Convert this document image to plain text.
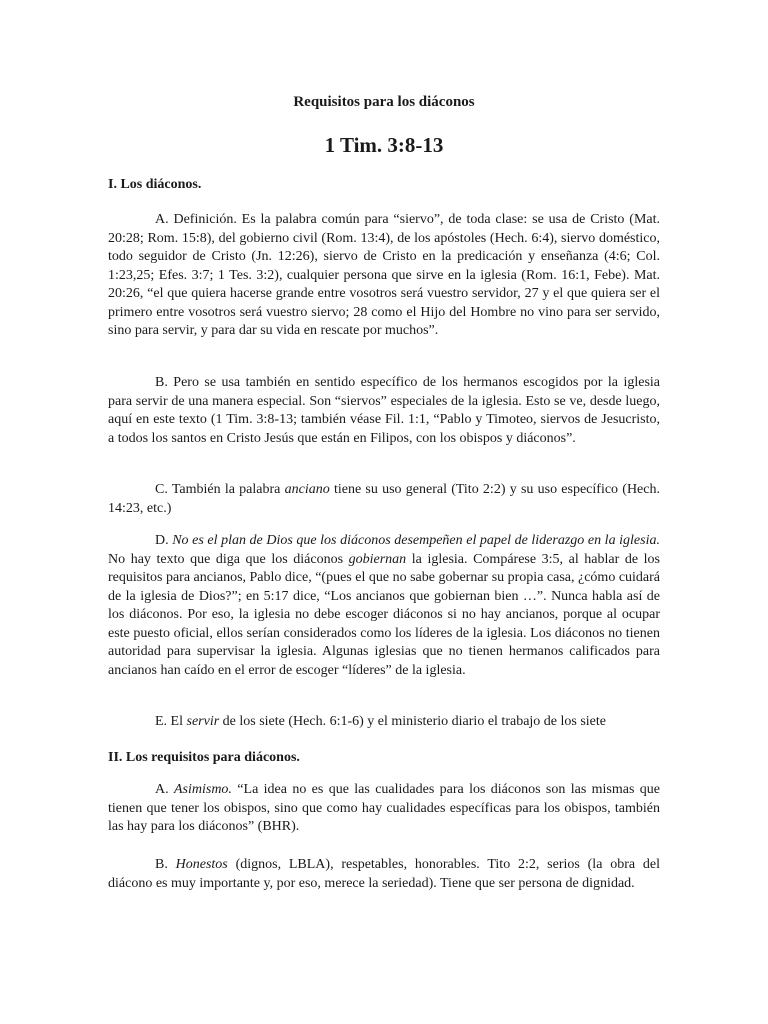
Requisitos para los diáconos
1 Tim. 3:8-13
I. Los diáconos.

A. Definición. Es la palabra común para “siervo”, de toda clase: se usa de Cristo (Mat. 20:28; Rom. 15:8), del gobierno civil (Rom. 13:4), de los apóstoles (Hech. 6:4), siervo doméstico, todo seguidor de Cristo (Jn. 12:26), siervo de Cristo en la predicación y enseñanza (4:6; Col. 1:23,25; Efes. 3:7; 1 Tes. 3:2), cualquier persona que sirve en la iglesia (Rom. 16:1, Febe). Mat. 20:26, “el que quiera hacerse grande entre vosotros será vuestro servidor, 27 y el que quiera ser el primero entre vosotros será vuestro siervo; 28 como el Hijo del Hombre no vino para ser servido, sino para servir, y para dar su vida en rescate por muchos”.

B. Pero se usa también en sentido específico de los hermanos escogidos por la iglesia para servir de una manera especial. Son “siervos” especiales de la iglesia. Esto se ve, desde luego, aquí en este texto (1 Tim. 3:8-13; también véase Fil. 1:1, “Pablo y Timoteo, siervos de Jesucristo, a todos los santos en Cristo Jesús que están en Filipos, con los obispos y diáconos”.

C. También la palabra anciano tiene su uso general (Tito 2:2) y su uso específico (Hech. 14:23, etc.)

D. No es el plan de Dios que los diáconos desempeñen el papel de liderazgo en la iglesia. No hay texto que diga que los diáconos gobiernan la iglesia. Compárese 3:5, al hablar de los requisitos para ancianos, Pablo dice, “(pues el que no sabe gobernar su propia casa, ¿cómo cuidará de la iglesia de Dios?”; en 5:17 dice, “Los ancianos que gobiernan bien …”. Nunca habla así de los diáconos. Por eso, la iglesia no debe escoger diáconos si no hay ancianos, porque al ocupar este puesto oficial, ellos serían considerados como los líderes de la iglesia. Los diáconos no tienen autoridad para supervisar la iglesia. Algunas iglesias que no tienen hermanos calificados para ancianos han caído en el error de escoger “líderes” de la iglesia.

E. El servir de los siete (Hech. 6:1-6) y el ministerio diario el trabajo de los siete

II. Los requisitos para diáconos.

A. Asimismo. “La idea no es que las cualidades para los diáconos son las mismas que tienen que tener los obispos, sino que como hay cualidades específicas para los obispos, también las hay para los diáconos” (BHR).

B. Honestos (dignos, LBLA), respetables, honorables. Tito 2:2, serios (la obra del diácono es muy importante y, por eso, merece la seriedad). Tiene que ser persona de dignidad.
